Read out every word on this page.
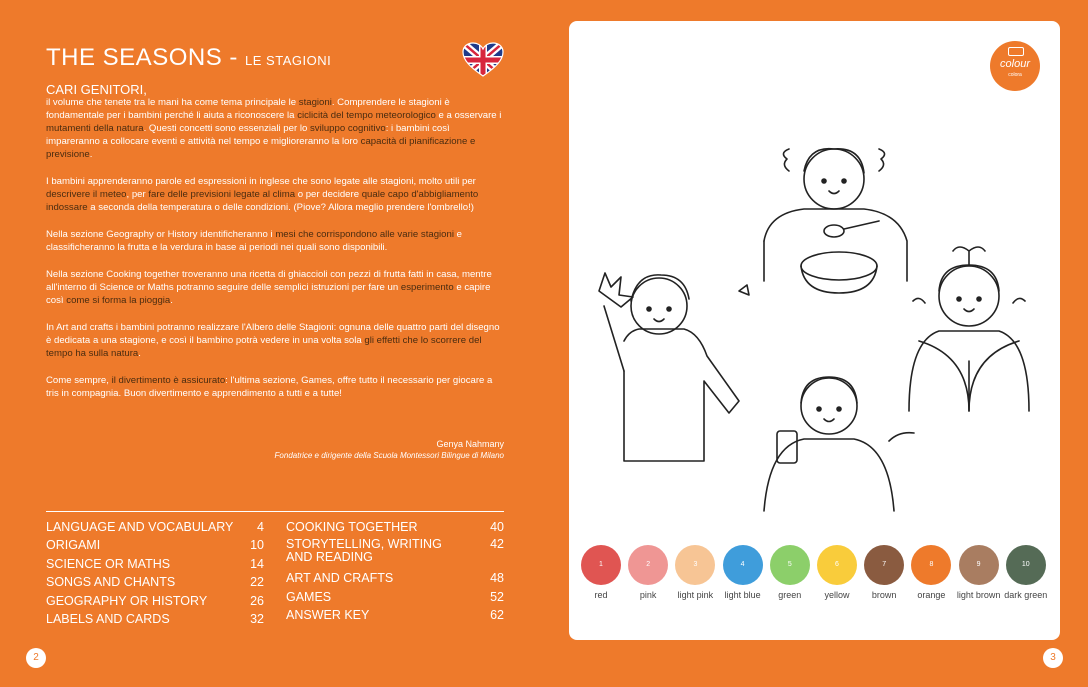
THE SEASONS - LE STAGIONI
CARI GENITORI,

il volume che tenete tra le mani ha come tema principale le stagioni. Comprendere le stagioni è fondamentale per i bambini perché li aiuta a riconoscere la ciclicità del tempo meteorologico e a osservare i mutamenti della natura. Questi concetti sono essenziali per lo sviluppo cognitivo: i bambini così impareranno a collocare eventi e attività nel tempo e miglioreranno la loro capacità di pianificazione e previsione.

I bambini apprenderanno parole ed espressioni in inglese che sono legate alle stagioni, molto utili per descrivere il meteo, per fare delle previsioni legate al clima o per decidere quale capo d'abbigliamento indossare a seconda della temperatura o delle condizioni. (Piove? Allora meglio prendere l'ombrello!)

Nella sezione Geography or History identificheranno i mesi che corrispondono alle varie stagioni e classificheranno la frutta e la verdura in base ai periodi nei quali sono disponibili.

Nella sezione Cooking together troveranno una ricetta di ghiaccioli con pezzi di frutta fatti in casa, mentre all'interno di Science or Maths potranno seguire delle semplici istruzioni per fare un esperimento e capire così come si forma la pioggia.

In Art and crafts i bambini potranno realizzare l'Albero delle Stagioni: ognuna delle quattro parti del disegno è dedicata a una stagione, e così il bambino potrà vedere in una volta sola gli effetti che lo scorrere del tempo ha sulla natura.

Come sempre, il divertimento è assicurato: l'ultima sezione, Games, offre tutto il necessario per giocare a tris in compagnia. Buon divertimento e apprendimento a tutti e a tutte!

Genya Nahmany
Fondatrice e dirigente della Scuola Montessori Bilingue di Milano
LANGUAGE AND VOCABULARY 4
ORIGAMI	10
SCIENCE OR MATHS	14
SONGS AND CHANTS	22
GEOGRAPHY OR HISTORY	26
LABELS AND CARDS	32
COOKING TOGETHER	40
STORYTELLING, WRITING AND READING
42
ART AND CRAFTS	48
GAMES	52
ANSWER KEY	62
2
colour
colora
1
red
2
pink
3
light pink
4
light blue
5
green
6
yellow
7
brown
8
orange
9
light brown
10
dark green
3
